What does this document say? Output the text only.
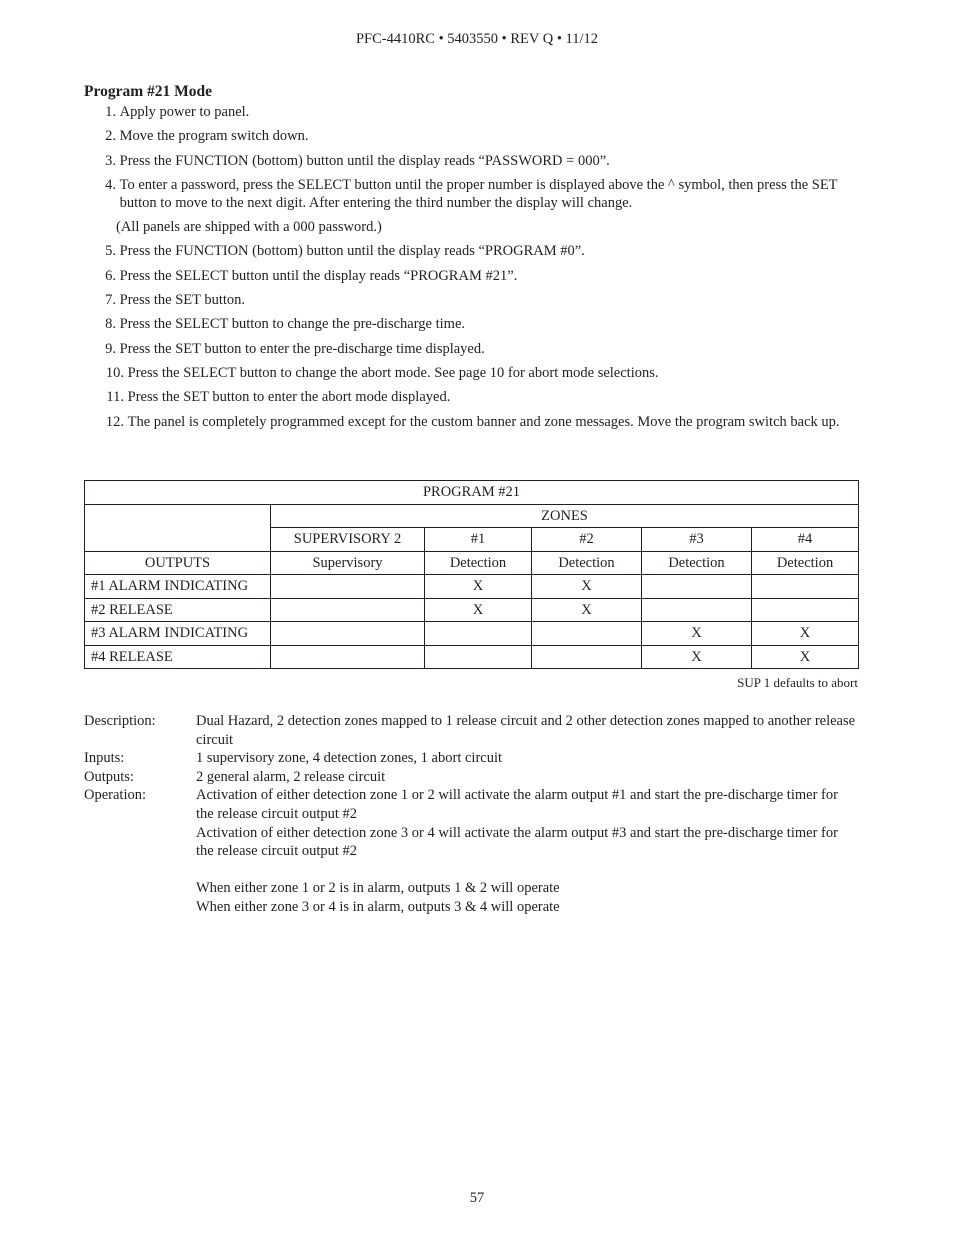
PFC-4410RC • 5403550 • REV Q • 11/12
Program #21 Mode
1.
Apply power to panel.
2.
Move the program switch down.
3.
Press the FUNCTION (bottom) button until the display reads “PASSWORD = 000”.
4.
To enter a password, press the SELECT button until the proper number is displayed above the ^ symbol, then press the SET
button to move to the next digit. After entering the third number the display will change.
(All panels are shipped with a 000 password.)
5.
Press the FUNCTION (bottom) button until the display reads “PROGRAM #0”.
6.
Press the SELECT button until the display reads “PROGRAM #21”.
7.
Press the SET button.
8.
Press the SELECT button to change the pre-discharge time.
9.
Press the SET button to enter the pre-discharge time displayed.
10.
Press the SELECT button to change the abort mode. See page 10 for abort mode selections.
11.
Press the SET button to enter the abort mode displayed.
12.
The panel is completely programmed except for the custom banner and zone messages. Move the program switch back up.
PROGRAM #21					
	ZONES				
	SUPERVISORY 2	#1	#2	#3	#4
OUTPUTS	Supervisory	Detection	Detection	Detection	Detection
#1 ALARM INDICATING		X	X		
#2 RELEASE		X	X		
#3 ALARM INDICATING				X	X
#4 RELEASE				X	X
SUP 1 defaults to abort
Description:	Dual Hazard, 2 detection zones mapped to 1 release circuit and 2 other detection zones mapped to another release
circuit
Inputs:	1 supervisory zone, 4 detection zones, 1 abort circuit
Outputs:	2 general alarm, 2 release circuit
Operation:	Activation of either detection zone 1 or 2 will activate the alarm output #1 and start the pre-discharge timer for
the release circuit output #2
Activation of either detection zone 3 or 4 will activate the alarm output #3 and start the pre-discharge timer for
the release circuit output #2
When either zone 1 or 2 is in alarm, outputs 1 & 2 will operate
When either zone 3 or 4 is in alarm, outputs 3 & 4 will operate
57
